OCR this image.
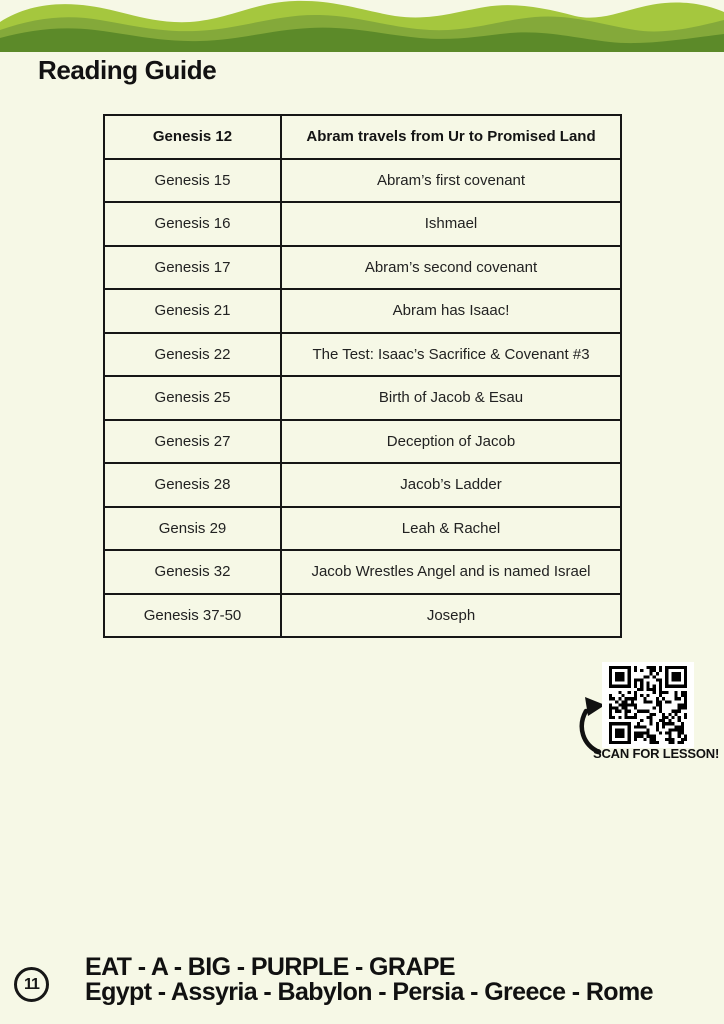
Reading Guide
Genesis 12	Abram travels from Ur to Promised Land
Genesis 15	Abram’s first covenant
Genesis 16	Ishmael
Genesis 17	Abram’s second covenant
Genesis 21	Abram has Isaac!
Genesis 22	The Test: Isaac’s Sacrifice & Covenant #3
Genesis 25	Birth of Jacob & Esau
Genesis 27	Deception of Jacob
Genesis 28	Jacob’s Ladder
Gensis 29	Leah & Rachel
Genesis 32	Jacob Wrestles Angel and is named Israel
Genesis 37-50	Joseph
SCAN FOR LESSON!
11
EAT - A - BIG - PURPLE - GRAPE
Egypt - Assyria - Babylon - Persia - Greece - Rome
